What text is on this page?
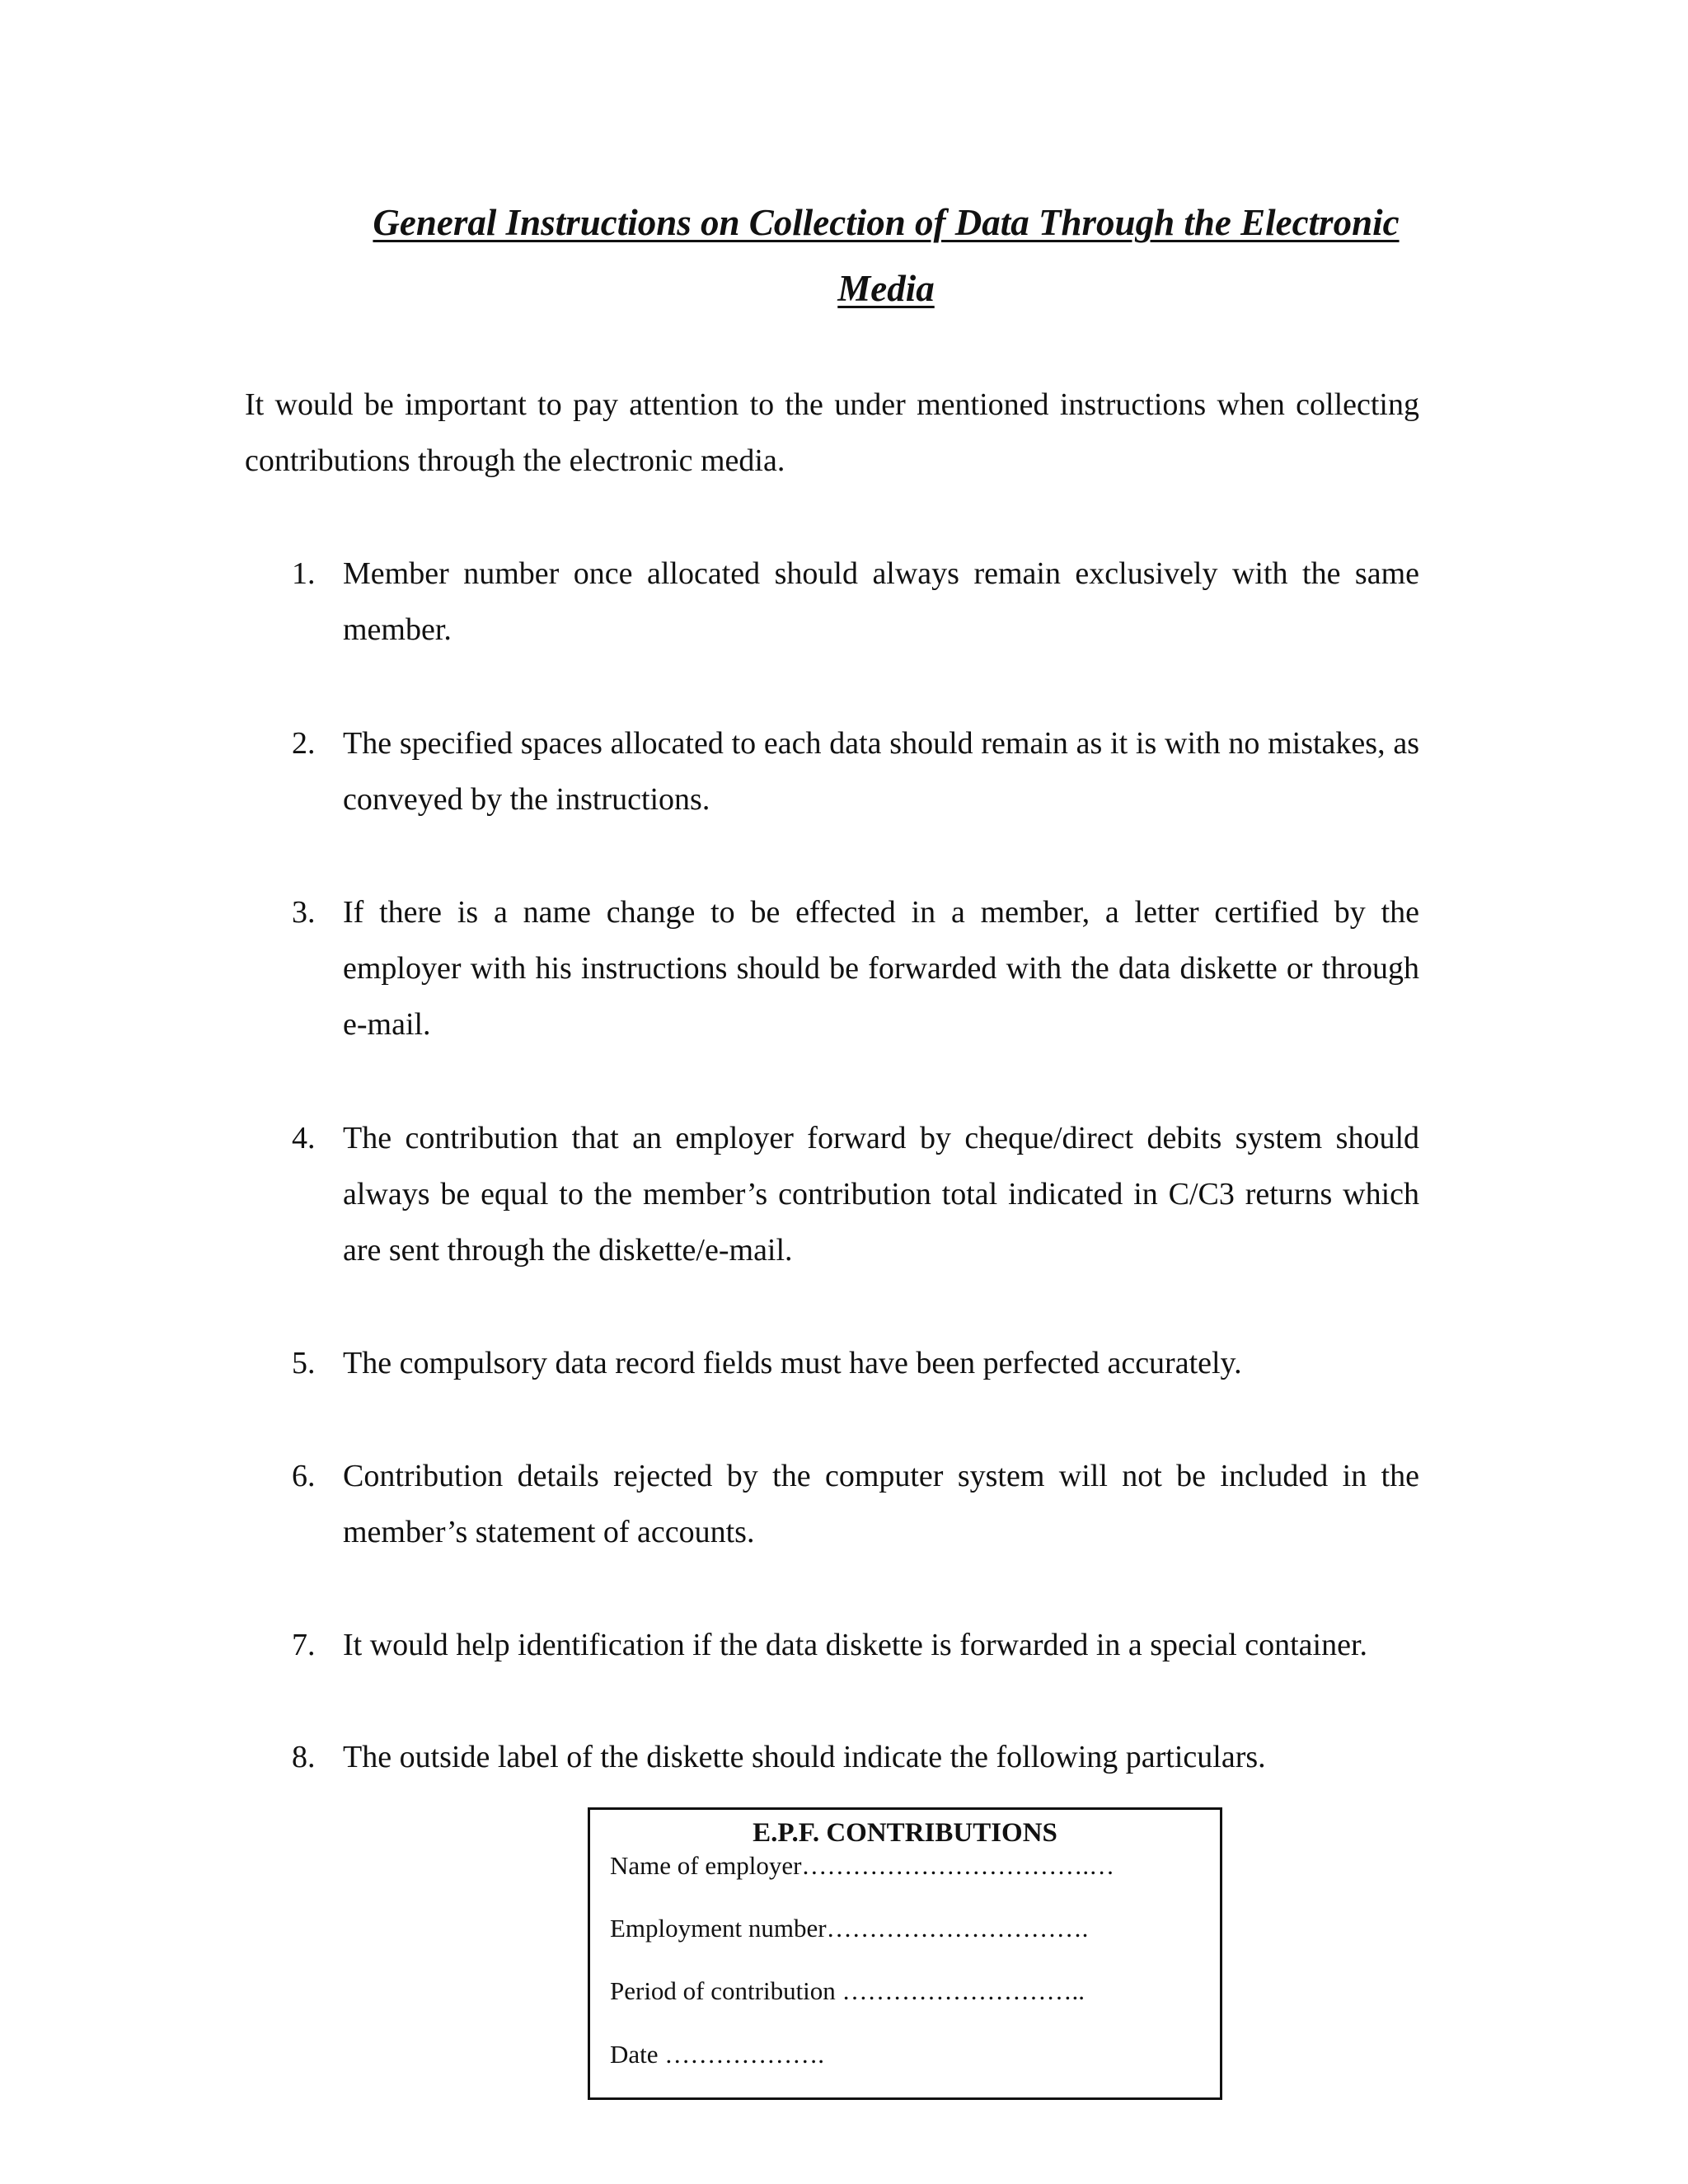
General Instructions on Collection of Data Through the Electronic Media
It would be important to pay attention to the under mentioned instructions when collecting contributions through the electronic media.
1. Member number once allocated should always remain exclusively with the same member.
2. The specified spaces allocated to each data should remain as it is with no mistakes, as conveyed by the instructions.
3. If there is a name change to be effected in a member, a letter certified by the employer with his instructions should be forwarded with the data diskette or through e-mail.
4. The contribution that an employer forward by cheque/direct debits system should always be equal to the member’s contribution total indicated in C/C3 returns which are sent through the diskette/e-mail.
5. The compulsory data record fields must have been perfected accurately.
6. Contribution details rejected by the computer system will not be included in the member’s statement of accounts.
7. It would help identification if the data diskette is forwarded in a special container.
8. The outside label of the diskette should indicate the following particulars.
E.P.F. CONTRIBUTIONS
Name of employer…………………………….…
Employment number………………………….
Period of contribution ………………………..
Date ……………….
